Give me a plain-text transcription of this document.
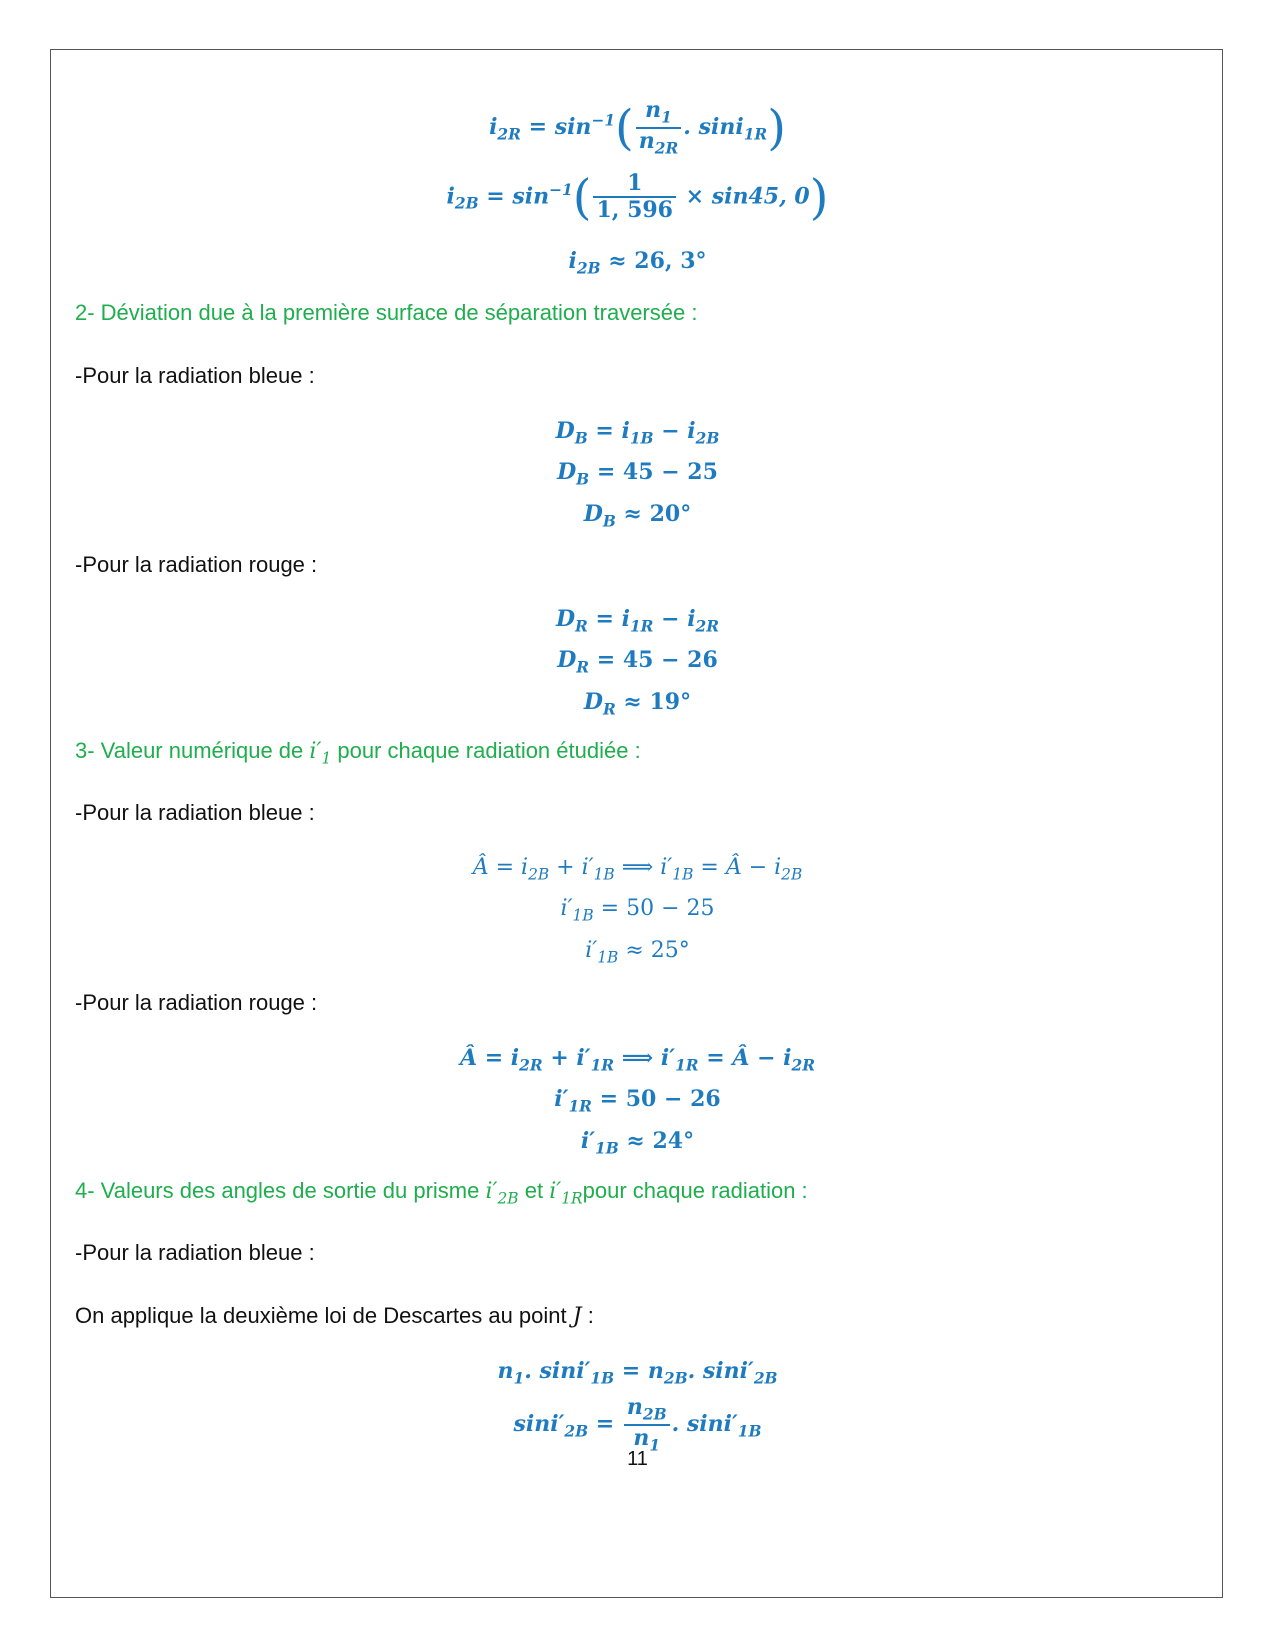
$i_{2R} = \sin^{-1}( \frac{n_1}{n_{2R}}$ . sini$_{1R}$)
$i_{2B} = \sin^{-1}( \frac{1}{1, 596} \times \sin 45$, 0)
$i_{2B} \approx 26$, 3°
2- Déviation due à la première surface de séparation traversée :
-Pour la radiation bleue :
$D_B = i_{1B} - i_{2B}$
$D_B = 45 - 25$
$D_B \approx 20^\circ$
-Pour la radiation rouge :
$D_R = i_{1R} - i_{2R}$
$D_R = 45 - 26$
$D_R \approx 19^\circ$
3- Valeur numérique de $i'_1$ pour chaque radiation étudiée :
-Pour la radiation bleue :
Â = $i_{2B} + i'_{1B}$ ⟹ $i'_{1B}$ = Â − $i_{2B}$
$i'_{1B} = 50 - 25$
$i'_{1B} \approx 25^\circ$
-Pour la radiation rouge :
Â = $i_{2R} + i'_{1R}$ ⟹ $i'_{1R}$ = Â − $i_{2R}$
$i'_{1R} = 50 - 26$
$i'_{1B} \approx 24^\circ$
4- Valeurs des angles de sortie du prisme $i'_{2B}$ et $i'_{1R}pour$ chaque radiation :
-Pour la radiation bleue :
On applique la deuxième loi de Descartes au point J :
$n_1$. $\sin i'_{1B} = n_{2B}$. $\sin i'_{2B}$
$\sin i'_{2B} = \frac{n_{2B}}{n_1}$ . $\sin i'_{1B}$
11
